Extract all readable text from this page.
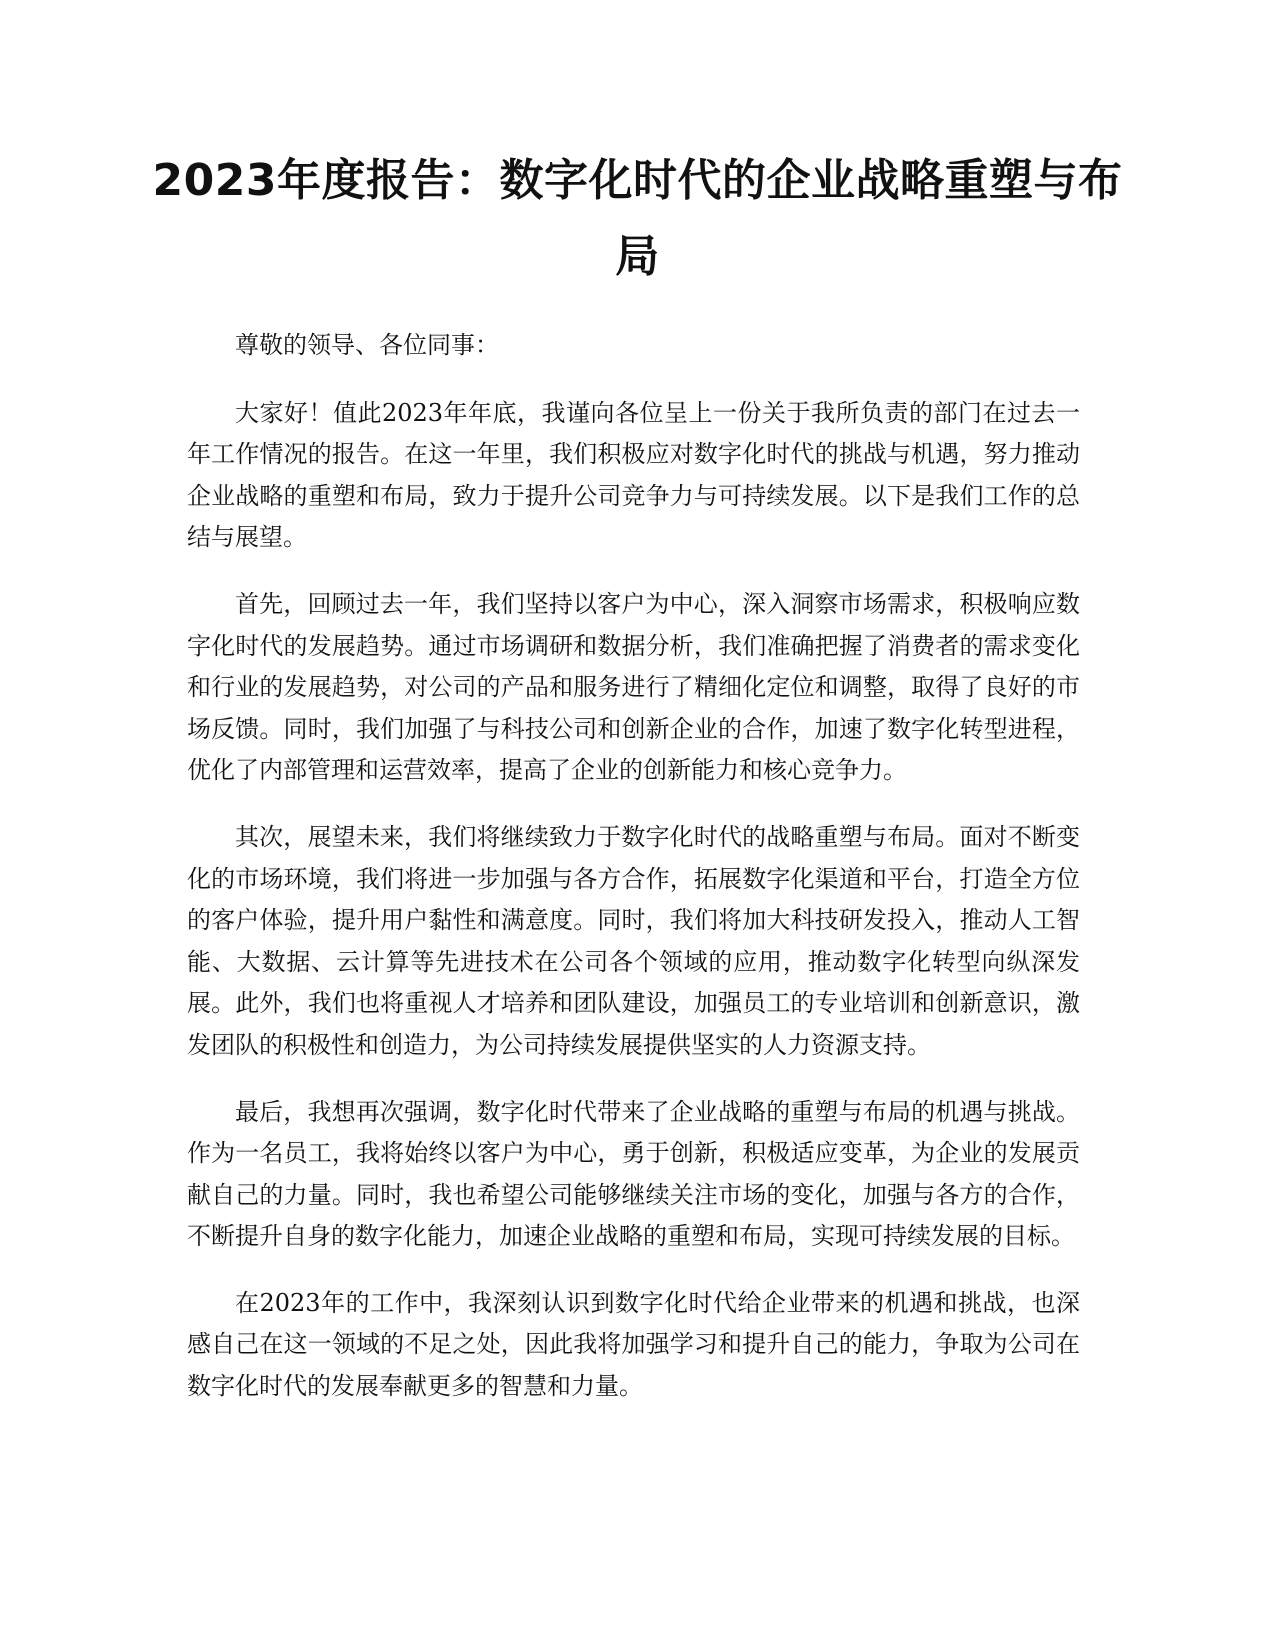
2023年度报告：数字化时代的企业战略重塑与布局

尊敬的领导、各位同事：

大家好！值此2023年年底，我谨向各位呈上一份关于我所负责的部门在过去一年工作情况的报告。在这一年里，我们积极应对数字化时代的挑战与机遇，努力推动企业战略的重塑和布局，致力于提升公司竞争力与可持续发展。以下是我们工作的总结与展望。

首先，回顾过去一年，我们坚持以客户为中心，深入洞察市场需求，积极响应数字化时代的发展趋势。通过市场调研和数据分析，我们准确把握了消费者的需求变化和行业的发展趋势，对公司的产品和服务进行了精细化定位和调整，取得了良好的市场反馈。同时，我们加强了与科技公司和创新企业的合作，加速了数字化转型进程，优化了内部管理和运营效率，提高了企业的创新能力和核心竞争力。

其次，展望未来，我们将继续致力于数字化时代的战略重塑与布局。面对不断变化的市场环境，我们将进一步加强与各方合作，拓展数字化渠道和平台，打造全方位的客户体验，提升用户黏性和满意度。同时，我们将加大科技研发投入，推动人工智能、大数据、云计算等先进技术在公司各个领域的应用，推动数字化转型向纵深发展。此外，我们也将重视人才培养和团队建设，加强员工的专业培训和创新意识，激发团队的积极性和创造力，为公司持续发展提供坚实的人力资源支持。

最后，我想再次强调，数字化时代带来了企业战略的重塑与布局的机遇与挑战。作为一名员工，我将始终以客户为中心，勇于创新，积极适应变革，为企业的发展贡献自己的力量。同时，我也希望公司能够继续关注市场的变化，加强与各方的合作，不断提升自身的数字化能力，加速企业战略的重塑和布局，实现可持续发展的目标。

在2023年的工作中，我深刻认识到数字化时代给企业带来的机遇和挑战，也深感自己在这一领域的不足之处，因此我将加强学习和提升自己的能力，争取为公司在数字化时代的发展奉献更多的智慧和力量。
